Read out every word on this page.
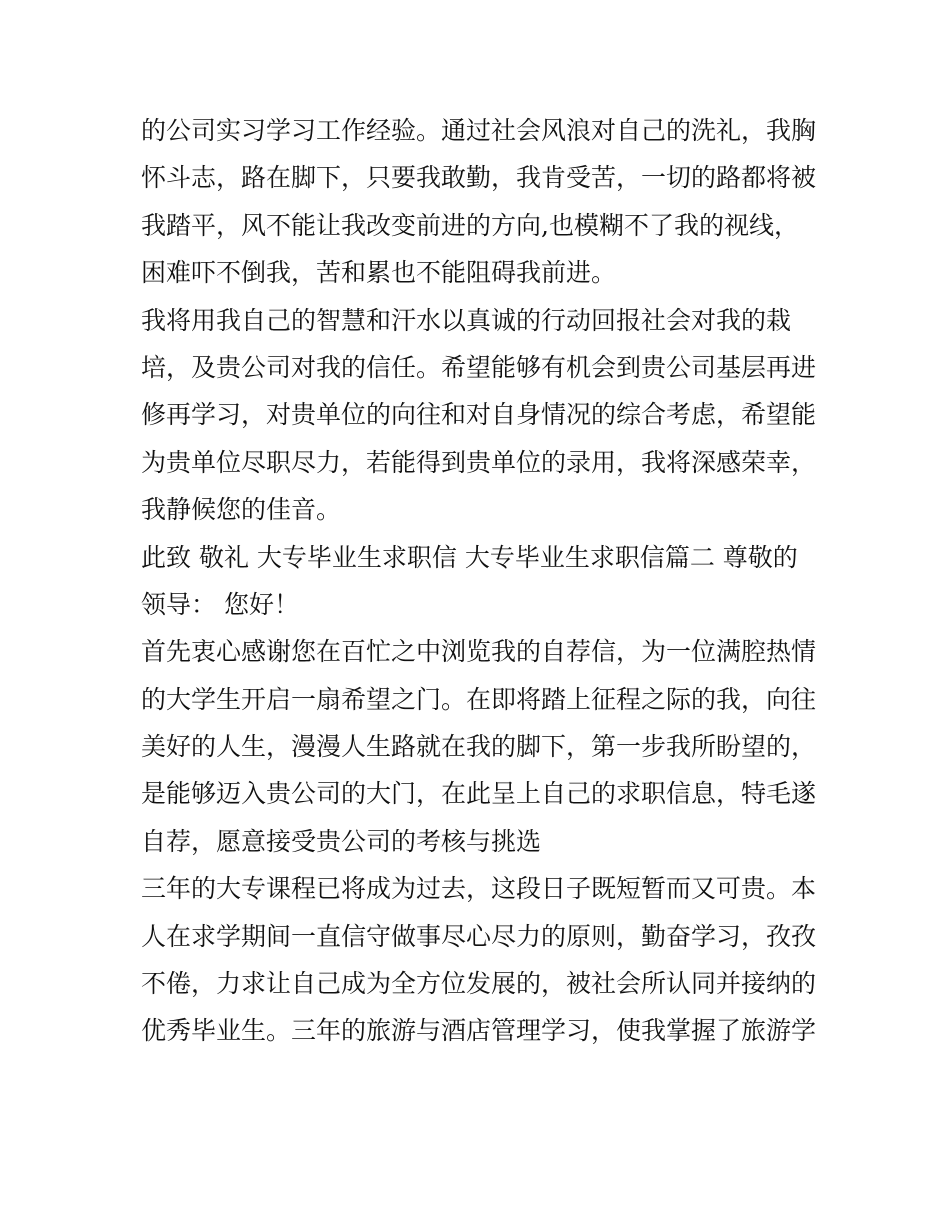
的公司实习学习工作经验。通过社会风浪对自己的洗礼，我胸
怀斗志，路在脚下，只要我敢勤，我肯受苦，一切的路都将被
我踏平，风不能让我改变前进的方向,也模糊不了我的视线，
困难吓不倒我，苦和累也不能阻碍我前进。
我将用我自己的智慧和汗水以真诚的行动回报社会对我的栽
培，及贵公司对我的信任。希望能够有机会到贵公司基层再进
修再学习，对贵单位的向往和对自身情况的综合考虑，希望能
为贵单位尽职尽力，若能得到贵单位的录用，我将深感荣幸，
我静候您的佳音。
此致 敬礼 大专毕业生求职信 大专毕业生求职信篇二 尊敬的
领导： 您好！
首先衷心感谢您在百忙之中浏览我的自荐信，为一位满腔热情
的大学生开启一扇希望之门。在即将踏上征程之际的我，向往
美好的人生，漫漫人生路就在我的脚下，第一步我所盼望的，
是能够迈入贵公司的大门，在此呈上自己的求职信息，特毛遂
自荐，愿意接受贵公司的考核与挑选
三年的大专课程已将成为过去，这段日子既短暂而又可贵。本
人在求学期间一直信守做事尽心尽力的原则，勤奋学习，孜孜
不倦，力求让自己成为全方位发展的，被社会所认同并接纳的
优秀毕业生。三年的旅游与酒店管理学习，使我掌握了旅游学
